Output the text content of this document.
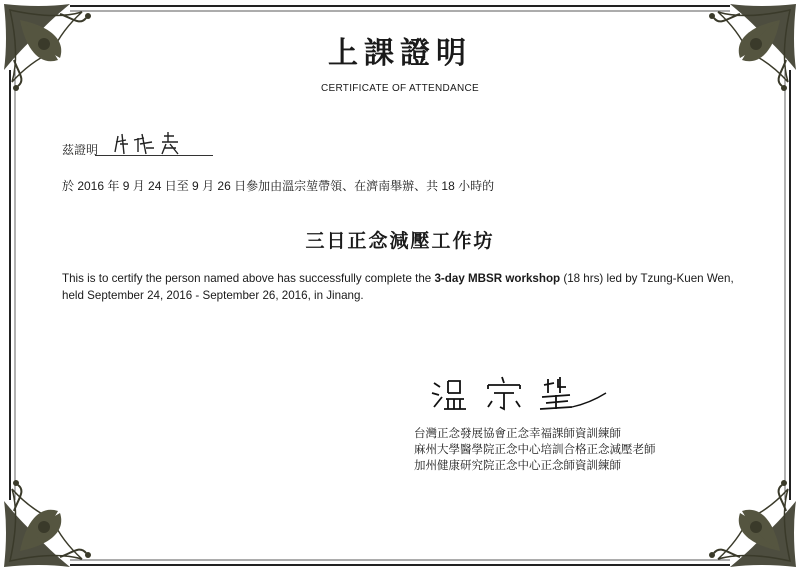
上課證明
CERTIFICATE OF ATTENDANCE
茲證明
於 2016 年 9 月 24 日至 9 月 26 日參加由溫宗堃帶領、在濟南舉辦、共 18 小時的
三日正念減壓工作坊
This is to certify the person named above has successfully complete the 3-day MBSR workshop (18 hrs) led by Tzung-Kuen Wen,
held September 24, 2016 - September 26, 2016, in Jinang.
台灣正念發展協會正念幸福課師資訓練師
麻州大學醫學院正念中心培訓合格正念減壓老師
加州健康研究院正念中心正念師資訓練師
